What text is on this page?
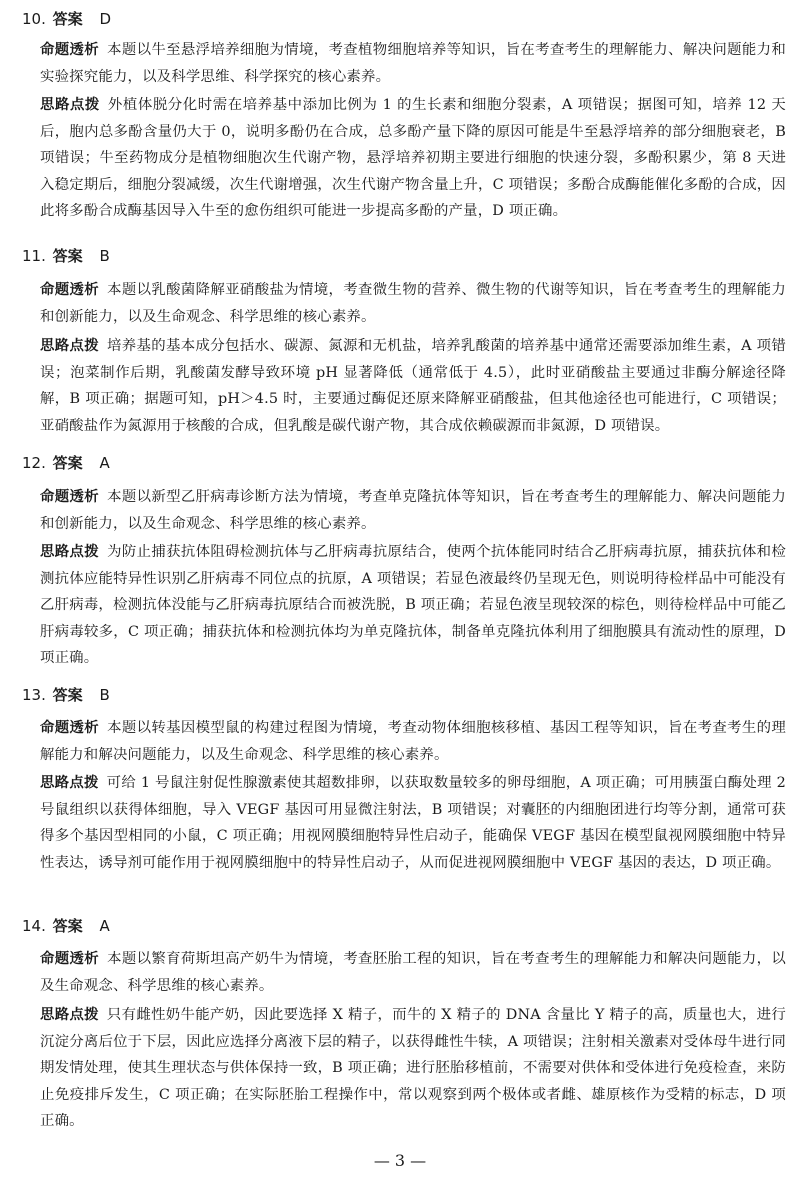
10. 答案 D
命题透析 本题以牛至悬浮培养细胞为情境，考查植物细胞培养等知识，旨在考查考生的理解能力、解决问题能力和实验探究能力，以及科学思维、科学探究的核心素养。
思路点拨 外植体脱分化时需在培养基中添加比例为 1 的生长素和细胞分裂素，A 项错误；据图可知，培养 12 天后，胞内总多酚含量仍大于 0，说明多酚仍在合成，总多酚产量下降的原因可能是牛至悬浮培养的部分细胞衰老，B 项错误；牛至药物成分是植物细胞次生代谢产物，悬浮培养初期主要进行细胞的快速分裂，多酚积累少，第 8 天进入稳定期后，细胞分裂减缓，次生代谢增强，次生代谢产物含量上升，C 项错误；多酚合成酶能催化多酚的合成，因此将多酚合成酶基因导入牛至的愈伤组织可能进一步提高多酚的产量，D 项正确。
11. 答案 B
命题透析 本题以乳酸菌降解亚硝酸盐为情境，考查微生物的营养、微生物的代谢等知识，旨在考查考生的理解能力和创新能力，以及生命观念、科学思维的核心素养。
思路点拨 培养基的基本成分包括水、碳源、氮源和无机盐，培养乳酸菌的培养基中通常还需要添加维生素，A 项错误；泡菜制作后期，乳酸菌发酵导致环境 pH 显著降低（通常低于 4.5），此时亚硝酸盐主要通过非酶分解途径降解，B 项正确；据题可知，pH＞4.5 时，主要通过酶促还原来降解亚硝酸盐，但其他途径也可能进行，C 项错误；亚硝酸盐作为氮源用于核酸的合成，但乳酸是碳代谢产物，其合成依赖碳源而非氮源，D 项错误。
12. 答案 A
命题透析 本题以新型乙肝病毒诊断方法为情境，考查单克隆抗体等知识，旨在考查考生的理解能力、解决问题能力和创新能力，以及生命观念、科学思维的核心素养。
思路点拨 为防止捕获抗体阻碍检测抗体与乙肝病毒抗原结合，使两个抗体能同时结合乙肝病毒抗原，捕获抗体和检测抗体应能特异性识别乙肝病毒不同位点的抗原，A 项错误；若显色液最终仍呈现无色，则说明待检样品中可能没有乙肝病毒，检测抗体没能与乙肝病毒抗原结合而被洗脱，B 项正确；若显色液呈现较深的棕色，则待检样品中可能乙肝病毒较多，C 项正确；捕获抗体和检测抗体均为单克隆抗体，制备单克隆抗体利用了细胞膜具有流动性的原理，D 项正确。
13. 答案 B
命题透析 本题以转基因模型鼠的构建过程图为情境，考查动物体细胞核移植、基因工程等知识，旨在考查考生的理解能力和解决问题能力，以及生命观念、科学思维的核心素养。
思路点拨 可给 1 号鼠注射促性腺激素使其超数排卵，以获取数量较多的卵母细胞，A 项正确；可用胰蛋白酶处理 2 号鼠组织以获得体细胞，导入 VEGF 基因可用显微注射法，B 项错误；对囊胚的内细胞团进行均等分割，通常可获得多个基因型相同的小鼠，C 项正确；用视网膜细胞特异性启动子，能确保 VEGF 基因在模型鼠视网膜细胞中特异性表达，诱导剂可能作用于视网膜细胞中的特异性启动子，从而促进视网膜细胞中 VEGF 基因的表达，D 项正确。
14. 答案 A
命题透析 本题以繁育荷斯坦高产奶牛为情境，考查胚胎工程的知识，旨在考查考生的理解能力和解决问题能力，以及生命观念、科学思维的核心素养。
思路点拨 只有雌性奶牛能产奶，因此要选择 X 精子，而牛的 X 精子的 DNA 含量比 Y 精子的高，质量也大，进行沉淀分离后位于下层，因此应选择分离液下层的精子，以获得雌性牛犊，A 项错误；注射相关激素对受体母牛进行同期发情处理，使其生理状态与供体保持一致，B 项正确；进行胚胎移植前，不需要对供体和受体进行免疫检查，来防止免疫排斥发生，C 项正确；在实际胚胎工程操作中，常以观察到两个极体或者雌、雄原核作为受精的标志，D 项正确。
— 3 —
